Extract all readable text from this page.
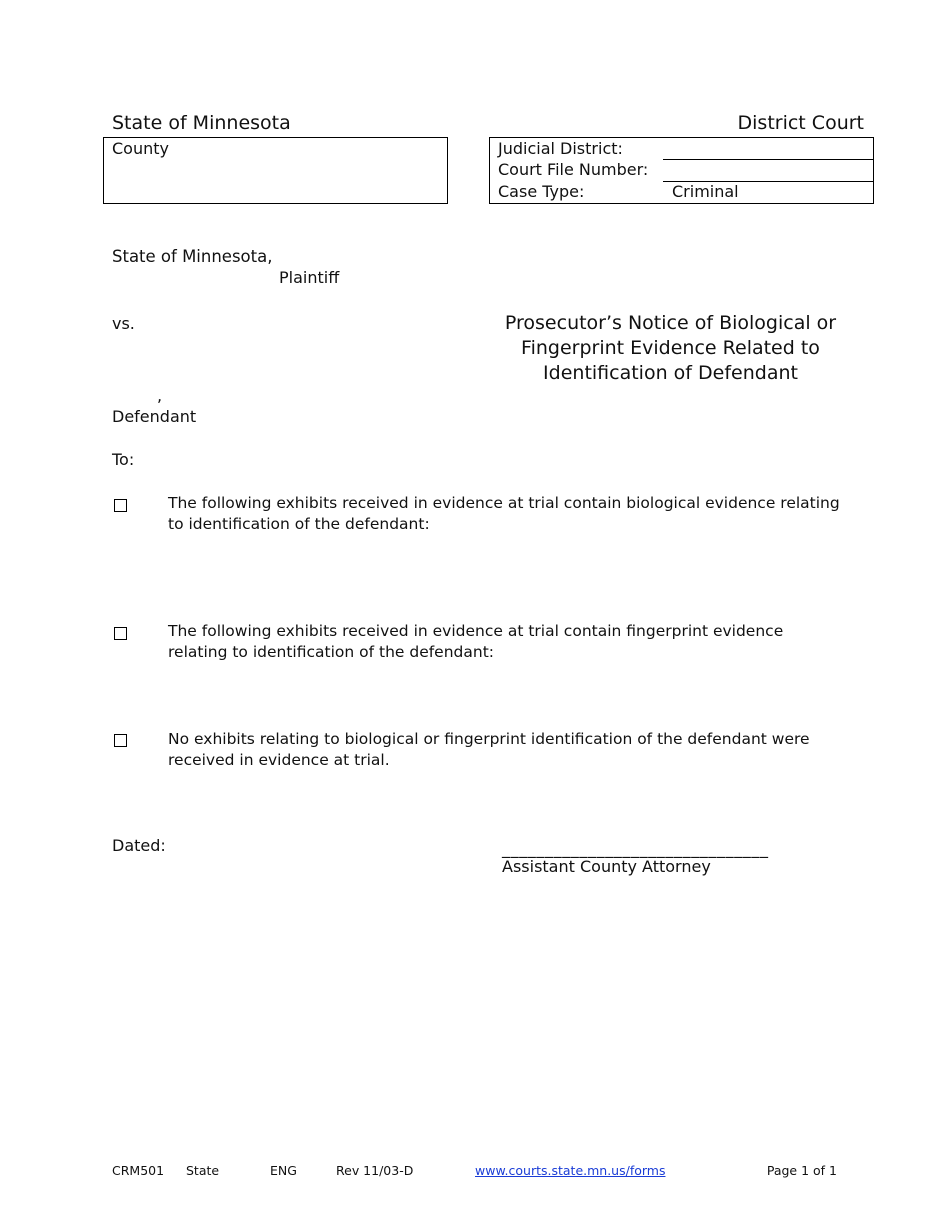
State of Minnesota	District Court
County	Judicial District:
Court File Number:
Case Type:	Criminal
State of Minnesota,
Plaintiff
vs.
,
Defendant
Prosecutor’s Notice of Biological or Fingerprint Evidence Related to Identification of Defendant
To:
The following exhibits received in evidence at trial contain biological evidence relating to identification of the defendant:
The following exhibits received in evidence at trial contain fingerprint evidence relating to identification of the defendant:
No exhibits relating to biological or fingerprint identification of the defendant were received in evidence at trial.
Dated:	_______________________________
Assistant County Attorney
CRM501 State	ENG	Rev 11/03-D	www.courts.state.mn.us/forms	Page 1 of 1
